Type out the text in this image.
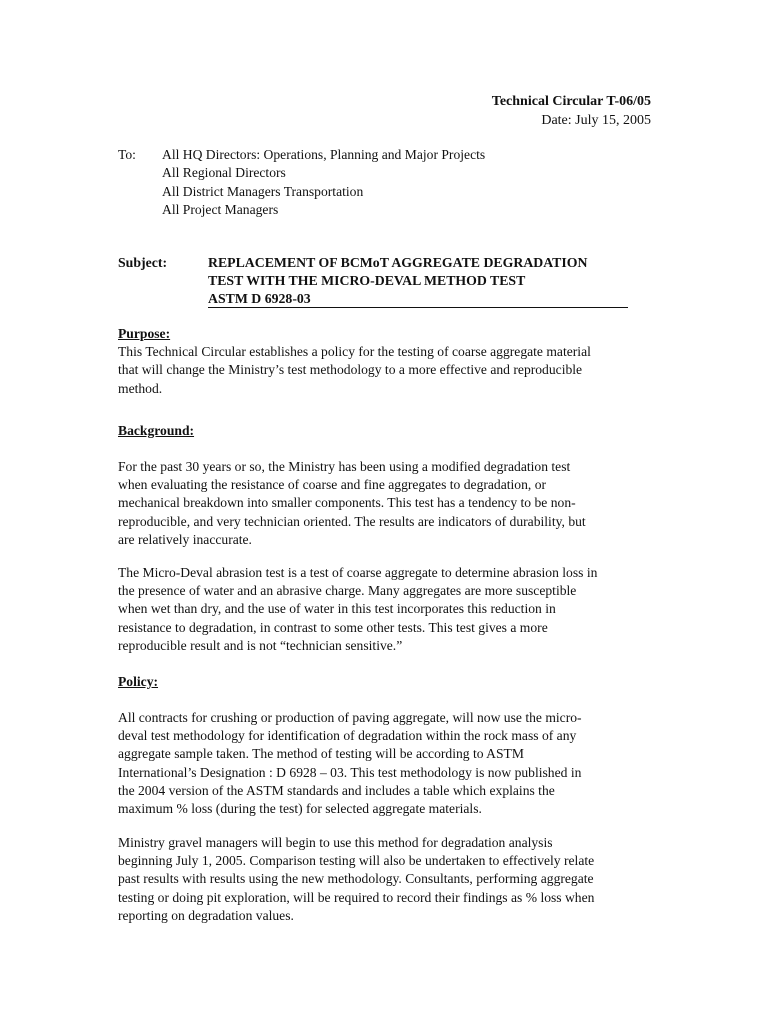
Technical Circular T-06/05
Date: July 15, 2005
To: All HQ Directors: Operations, Planning and Major Projects
All Regional Directors
All District Managers Transportation
All Project Managers
Subject:	REPLACEMENT OF BCMoT AGGREGATE DEGRADATION
TEST WITH THE MICRO-DEVAL METHOD TEST
ASTM D 6928-03
Purpose:
This Technical Circular establishes a policy for the testing of coarse aggregate material
that will change the Ministry’s test methodology to a more effective and reproducible
method.
Background:
For the past 30 years or so, the Ministry has been using a modified degradation test
when evaluating the resistance of coarse and fine aggregates to degradation, or
mechanical breakdown into smaller components. This test has a tendency to be non-
reproducible, and very technician oriented. The results are indicators of durability, but
are relatively inaccurate.
The Micro-Deval abrasion test is a test of coarse aggregate to determine abrasion loss in
the presence of water and an abrasive charge. Many aggregates are more susceptible
when wet than dry, and the use of water in this test incorporates this reduction in
resistance to degradation, in contrast to some other tests. This test gives a more
reproducible result and is not “technician sensitive.”
Policy:
All contracts for crushing or production of paving aggregate, will now use the micro-
deval test methodology for identification of degradation within the rock mass of any
aggregate sample taken. The method of testing will be according to ASTM
International’s Designation : D 6928 – 03. This test methodology is now published in
the 2004 version of the ASTM standards and includes a table which explains the
maximum % loss (during the test) for selected aggregate materials.
Ministry gravel managers will begin to use this method for degradation analysis
beginning July 1, 2005. Comparison testing will also be undertaken to effectively relate
past results with results using the new methodology. Consultants, performing aggregate
testing or doing pit exploration, will be required to record their findings as % loss when
reporting on degradation values.
